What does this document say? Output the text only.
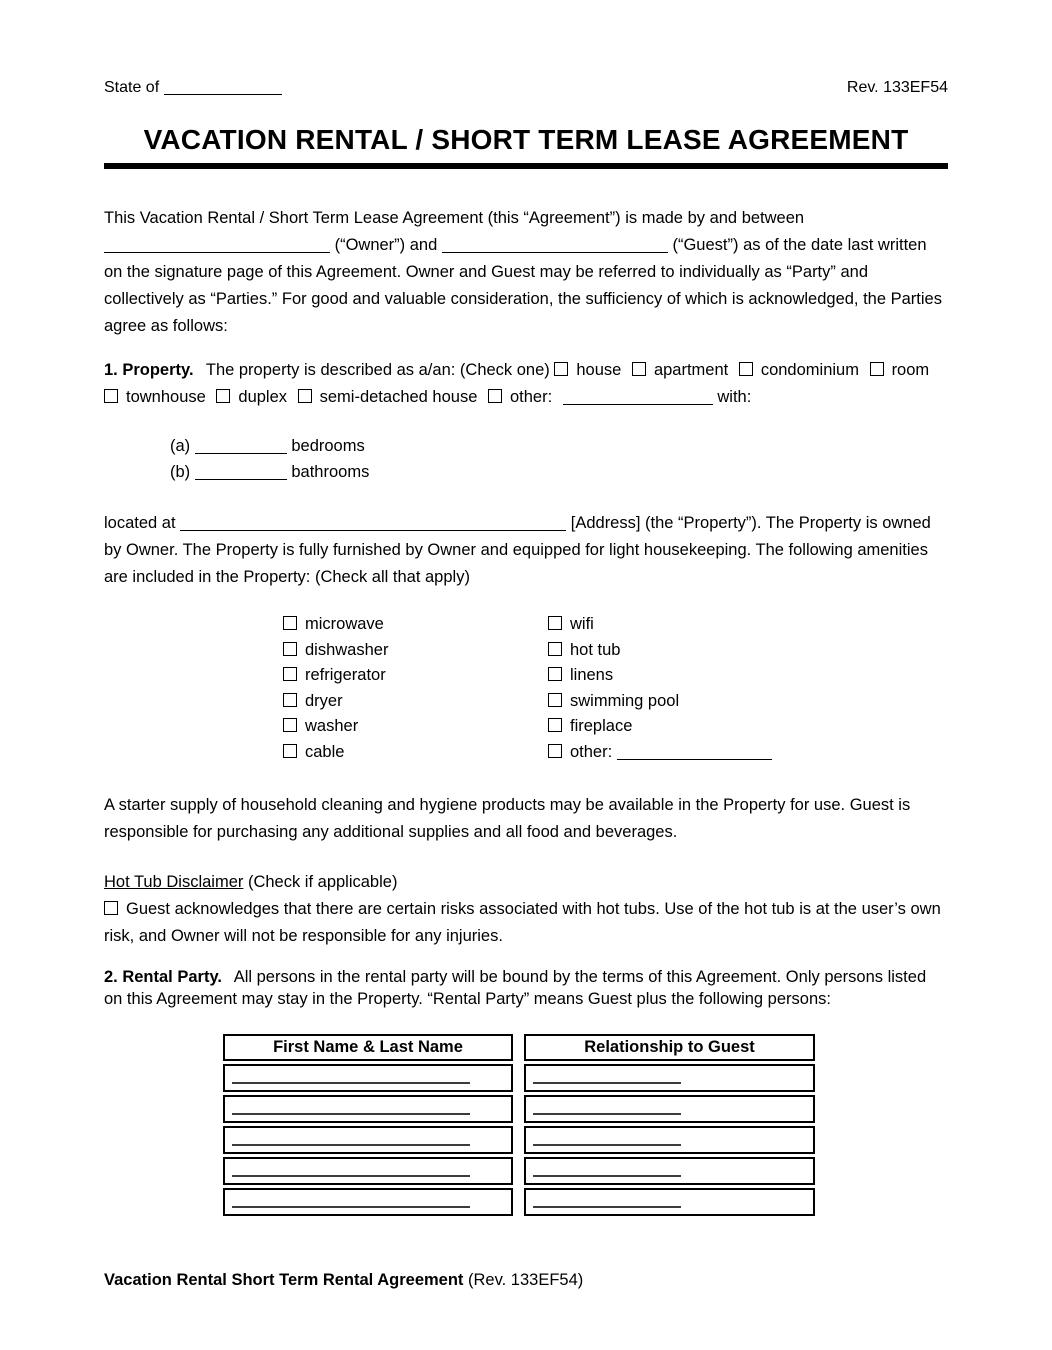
State of	Rev. 133EF54
VACATION RENTAL / SHORT TERM LEASE AGREEMENT

This Vacation Rental / Short Term Lease Agreement (this “Agreement”) is made by and between  (“Owner”) and	(“Guest”) as of the date last written on the signature page of this Agreement. Owner and Guest may be referred to individually as “Party” and collectively as “Parties.” For good and valuable consideration, the sufficiency of which is acknowledged, the Parties agree as follows:

1. Property. The property is described as a/an: (Check one) house apartment condominium room townhouse duplex semi-detached house other:	with:

(a)	bedrooms
(b)	bathrooms

located at	[Address] (the “Property”). The Property is owned by Owner. The Property is fully furnished by Owner and equipped for light housekeeping. The following amenities are included in the Property: (Check all that apply)

microwave
dishwasher
refrigerator
dryer
washer
cable
wifi
hot tub
linens
swimming pool
fireplace
other:

A starter supply of household cleaning and hygiene products may be available in the Property for use. Guest is responsible for purchasing any additional supplies and all food and beverages.

Hot Tub Disclaimer (Check if applicable)
Guest acknowledges that there are certain risks associated with hot tubs. Use of the hot tub is at the user’s own risk, and Owner will not be responsible for any injuries.

2. Rental Party. All persons in the rental party will be bound by the terms of this Agreement. Only persons listed on this Agreement may stay in the Property. “Rental Party” means Guest plus the following persons:

First Name & Last Name	Relationship to Guest

Vacation Rental Short Term Rental Agreement (Rev. 133EF54)
